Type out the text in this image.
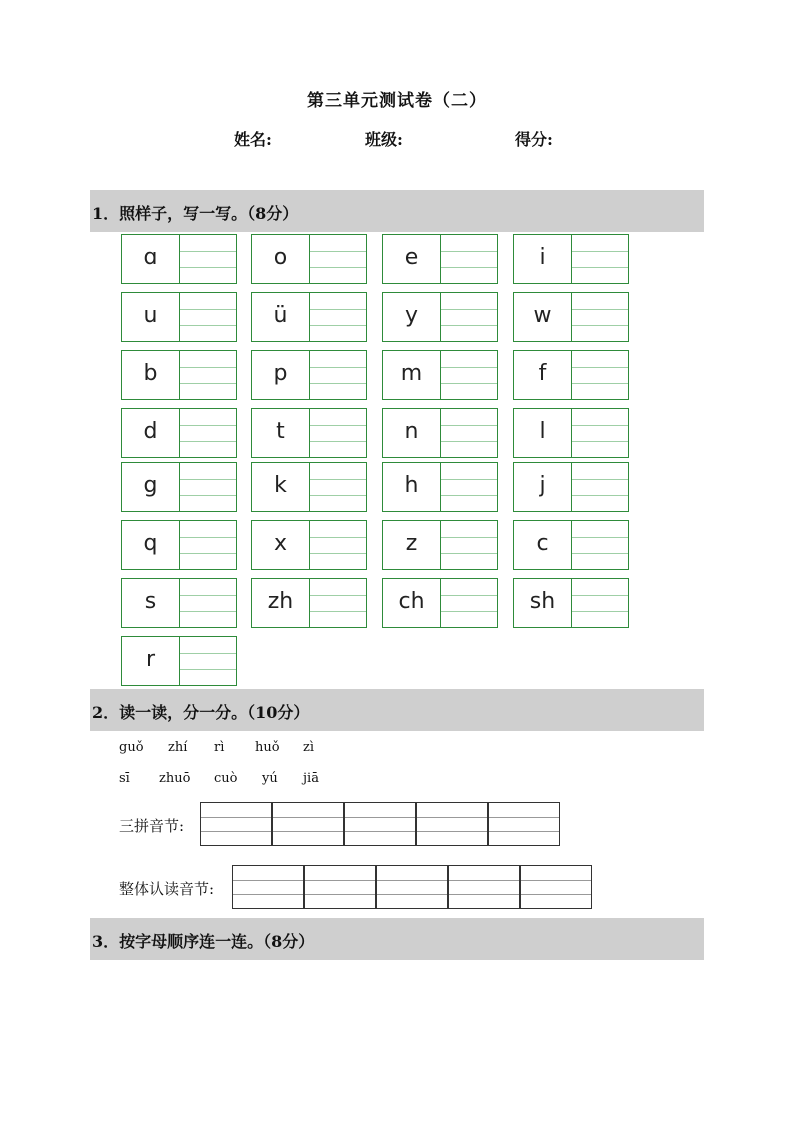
第三单元测试卷（二）
姓名:	班级:	得分:
1．照样子，写一写。（8分）
ɑ	o	e	i
u	ü	y	w
b	p	m	f
d	t	n	l
g	k	h	j
q	x	z	c
s	zh	ch	sh
r
2．读一读，分一分。（10分）
guǒ zhí rì huǒ zì
sī zhuō cuò yú jiā
三拼音节:
整体认读音节:
3．按字母顺序连一连。（8分）
